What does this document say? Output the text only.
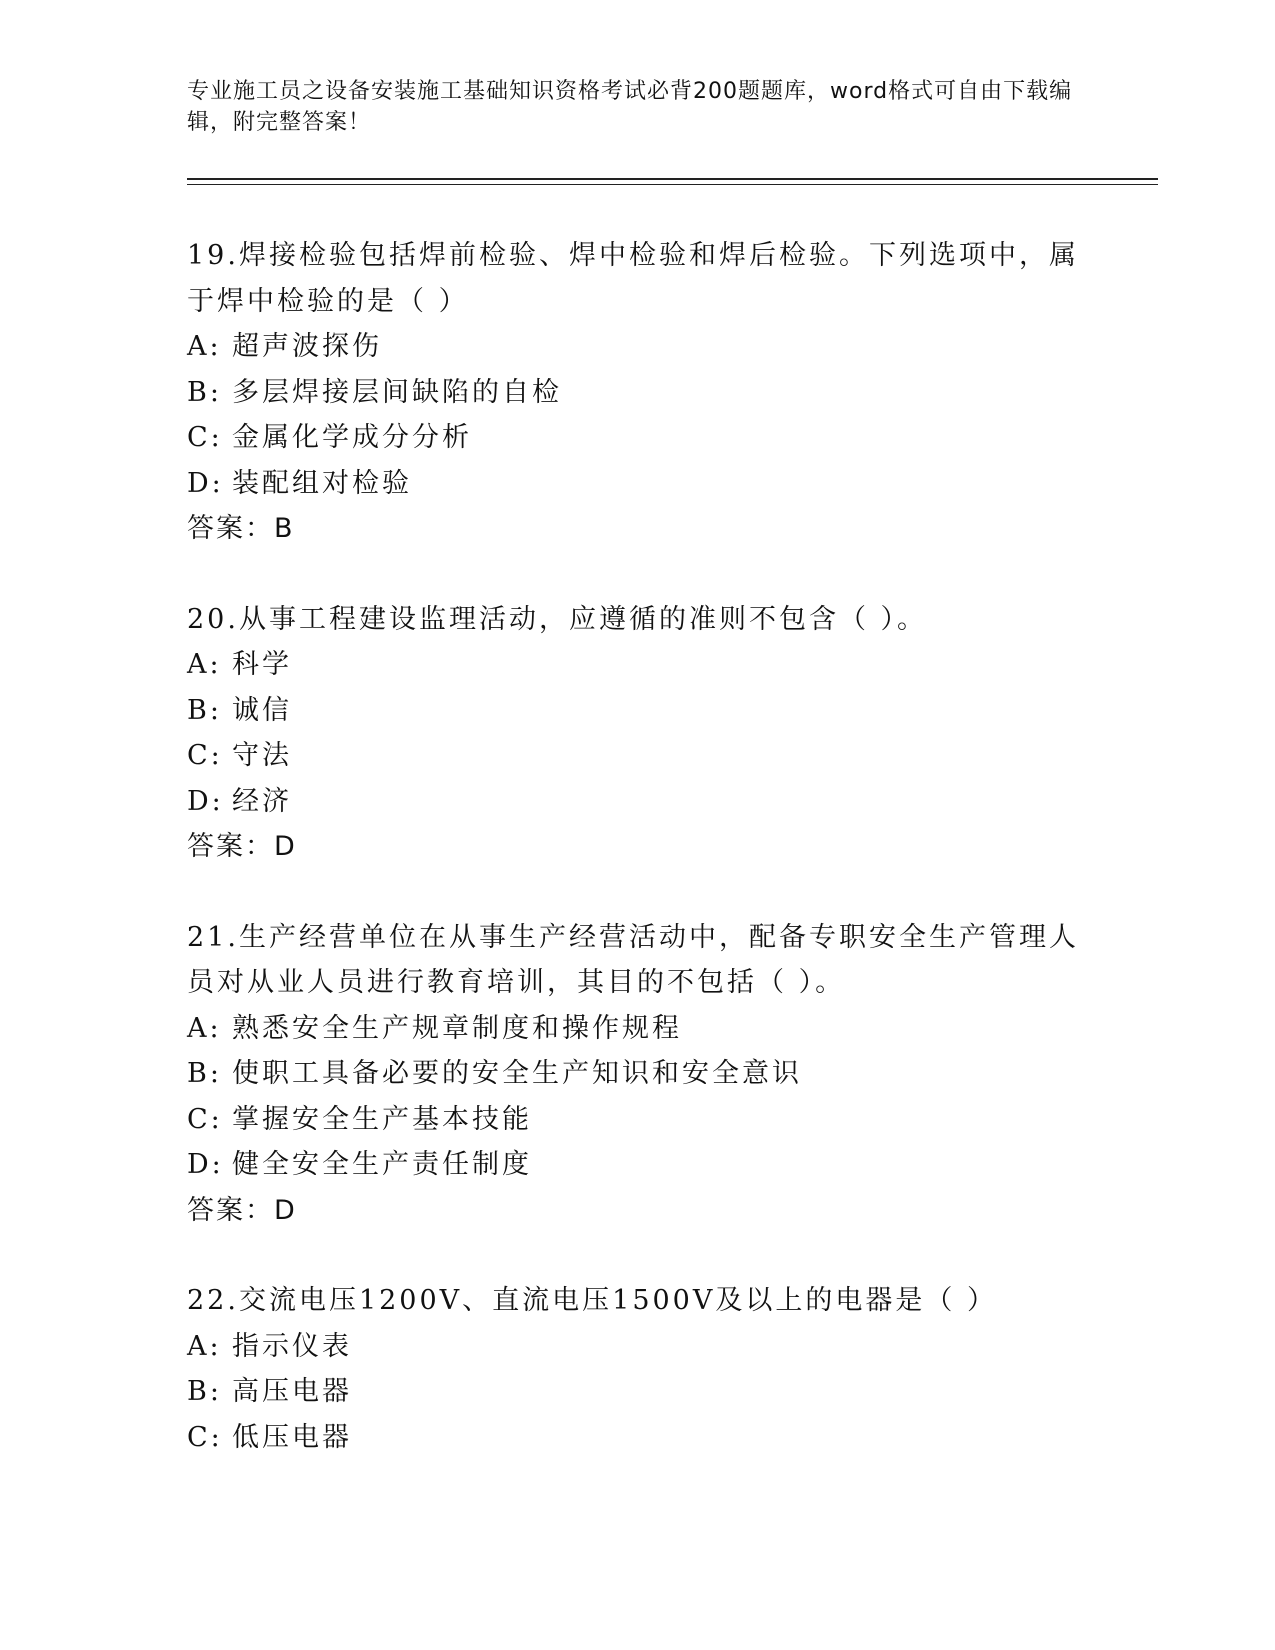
专业施工员之设备安装施工基础知识资格考试必背200题题库，word格式可自由下载编辑，附完整答案！
19.焊接检验包括焊前检验、焊中检验和焊后检验。下列选项中，属于焊中检验的是（ ）
A: 超声波探伤
B: 多层焊接层间缺陷的自检
C: 金属化学成分分析
D: 装配组对检验
答案：B
20.从事工程建设监理活动，应遵循的准则不包含（ ）。
A: 科学
B: 诚信
C: 守法
D: 经济
答案：D
21.生产经营单位在从事生产经营活动中，配备专职安全生产管理人员对从业人员进行教育培训，其目的不包括（ ）。
A: 熟悉安全生产规章制度和操作规程
B: 使职工具备必要的安全生产知识和安全意识
C: 掌握安全生产基本技能
D: 健全安全生产责任制度
答案：D
22.交流电压1200V、直流电压1500V及以上的电器是（ ）
A: 指示仪表
B: 高压电器
C: 低压电器
